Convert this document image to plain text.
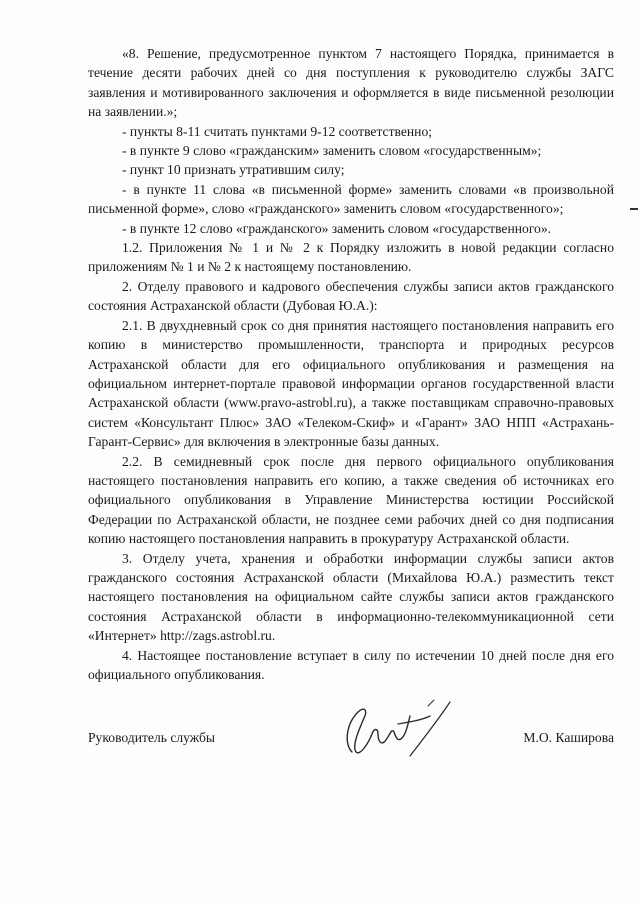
«8. Решение, предусмотренное пунктом 7 настоящего Порядка, принимается в течение десяти рабочих дней со дня поступления к руководителю службы ЗАГС заявления и мотивированного заключения и оформляется в виде письменной резолюции на заявлении.»;

- пункты 8-11 считать пунктами 9-12 соответственно;

- в пункте 9 слово «гражданским» заменить словом «государственным»;

- пункт 10 признать утратившим силу;

- в пункте 11 слова «в письменной форме» заменить словами «в произвольной письменной форме», слово «гражданского» заменить словом «государственного»;

- в пункте 12 слово «гражданского» заменить словом «государственного».

1.2. Приложения № 1 и № 2 к Порядку изложить в новой редакции согласно приложениям № 1 и № 2 к настоящему постановлению.

2. Отделу правового и кадрового обеспечения службы записи актов гражданского состояния Астраханской области (Дубовая Ю.А.):

2.1. В двухдневный срок со дня принятия настоящего постановления направить его копию в министерство промышленности, транспорта и природных ресурсов Астраханской области для его официального опубликования и размещения на официальном интернет-портале правовой информации органов государственной власти Астраханской области (www.pravo-astrobl.ru), а также поставщикам справочно-правовых систем «Консультант Плюс» ЗАО «Телеком-Скиф» и «Гарант» ЗАО НПП «Астрахань-Гарант-Сервис» для включения в электронные базы данных.

2.2. В семидневный срок после дня первого официального опубликования настоящего постановления направить его копию, а также сведения об источниках его официального опубликования в Управление Министерства юстиции Российской Федерации по Астраханской области, не позднее семи рабочих дней со дня подписания копию настоящего постановления направить в прокуратуру Астраханской области.

3. Отделу учета, хранения и обработки информации службы записи актов гражданского состояния Астраханской области (Михайлова Ю.А.) разместить текст настоящего постановления на официальном сайте службы записи актов гражданского состояния Астраханской области в информационно-телекоммуникационной сети «Интернет» http://zags.astrobl.ru.

4. Настоящее постановление вступает в силу по истечении 10 дней после дня его официального опубликования.

Руководитель службы	М.О. Каширова
